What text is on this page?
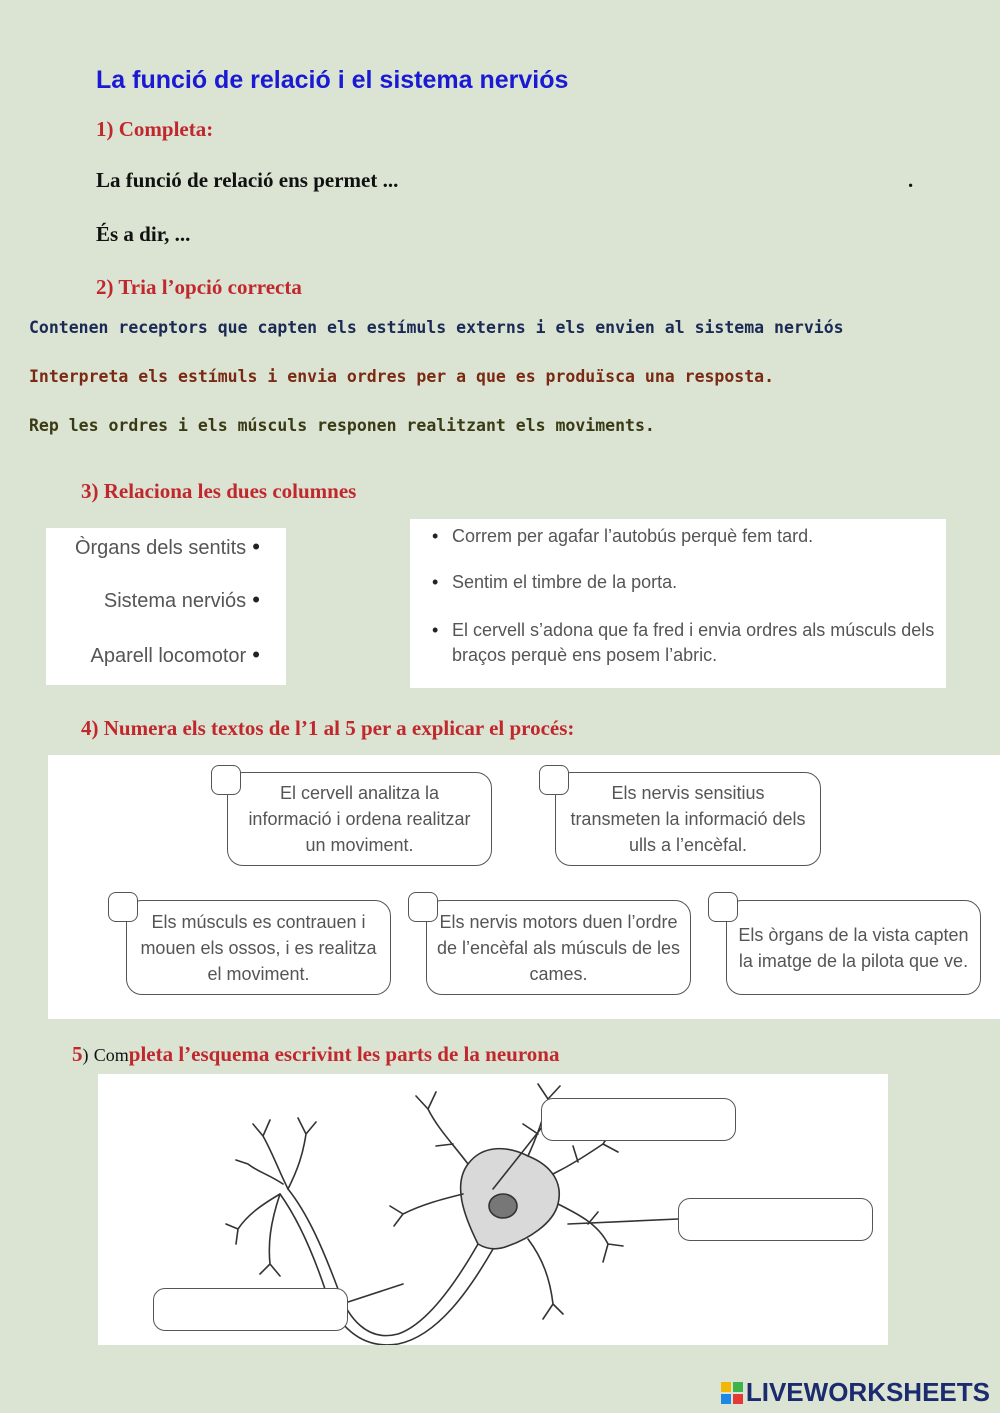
La funció de relació i el sistema nerviós
1) Completa:
La funció de relació ens permet ...	.
És a dir, ...
2) Tria l’opció correcta
Contenen receptors que capten els estímuls externs i els envien al sistema nerviós
Interpreta els estímuls i envia ordres per a que es produïsca una resposta.
Rep les ordres i els músculs responen realitzant els moviments.
3) Relaciona les dues columnes
Òrgans dels sentits •
Sistema nerviós •
Aparell locomotor •
• Correm per agafar l’autobús perquè fem tard.
• Sentim el timbre de la porta.
• El cervell s’adona que fa fred i envia ordres als músculs dels braços perquè ens posem l’abric.
4) Numera els textos de l’1 al 5 per a explicar el procés:
El cervell analitza la informació i ordena realitzar un moviment.
Els nervis sensitius transmeten la informació dels ulls a l’encèfal.
Els músculs es contrauen i mouen els ossos, i es realitza el moviment.
Els nervis motors duen l’ordre de l’encèfal als músculs de les cames.
Els òrgans de la vista capten la imatge de la pilota que ve.
5) Completa l’esquema escrivint les parts de la neurona
LIVEWORKSHEETS
